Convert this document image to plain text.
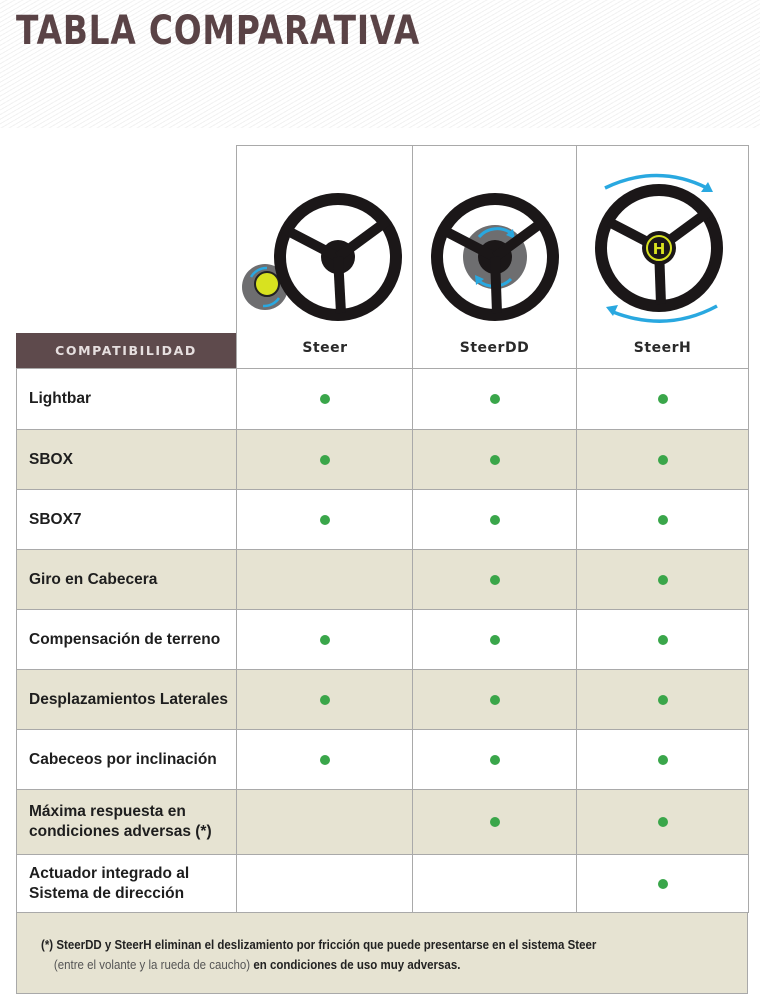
TABLA COMPARATIVA
Steer	SteerDD
H
SteerH
COMPATIBILIDAD
Lightbar
SBOX
SBOX7
Giro en Cabecera
Compensación de terreno
Desplazamientos Laterales
Cabeceos por inclinación
Máxima respuesta en
condiciones adversas (*)
Actuador integrado al
Sistema de dirección
(*) SteerDD y SteerH eliminan el deslizamiento por fricción que puede presentarse en el sistema Steer
(entre el volante y la rueda de caucho) en condiciones de uso muy adversas.
